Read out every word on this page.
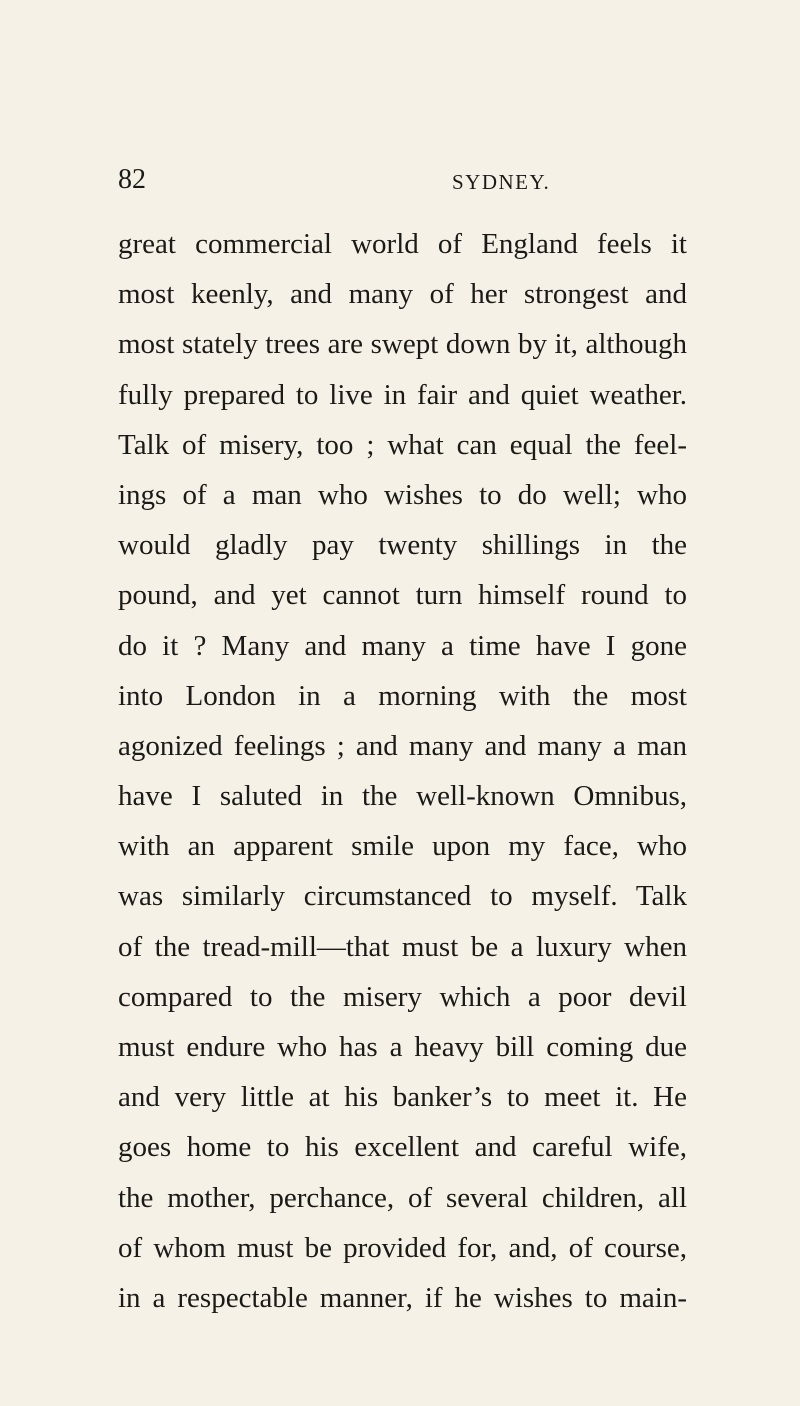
82	SYDNEY.
great commercial world of England feels it
most keenly, and many of her strongest and
most stately trees are swept down by it, although
fully prepared to live in fair and quiet weather.
Talk of misery, too ; what can equal the feel-
ings of a man who wishes to do well; who
would gladly pay twenty shillings in the
pound, and yet cannot turn himself round to
do it ? Many and many a time have I gone
into London in a morning with the most
agonized feelings ; and many and many a man
have I saluted in the well-known Omnibus,
with an apparent smile upon my face, who
was similarly circumstanced to myself. Talk
of the tread-mill—that must be a luxury when
compared to the misery which a poor devil
must endure who has a heavy bill coming due
and very little at his banker’s to meet it. He
goes home to his excellent and careful wife,
the mother, perchance, of several children, all
of whom must be provided for, and, of course,
in a respectable manner, if he wishes to main-
